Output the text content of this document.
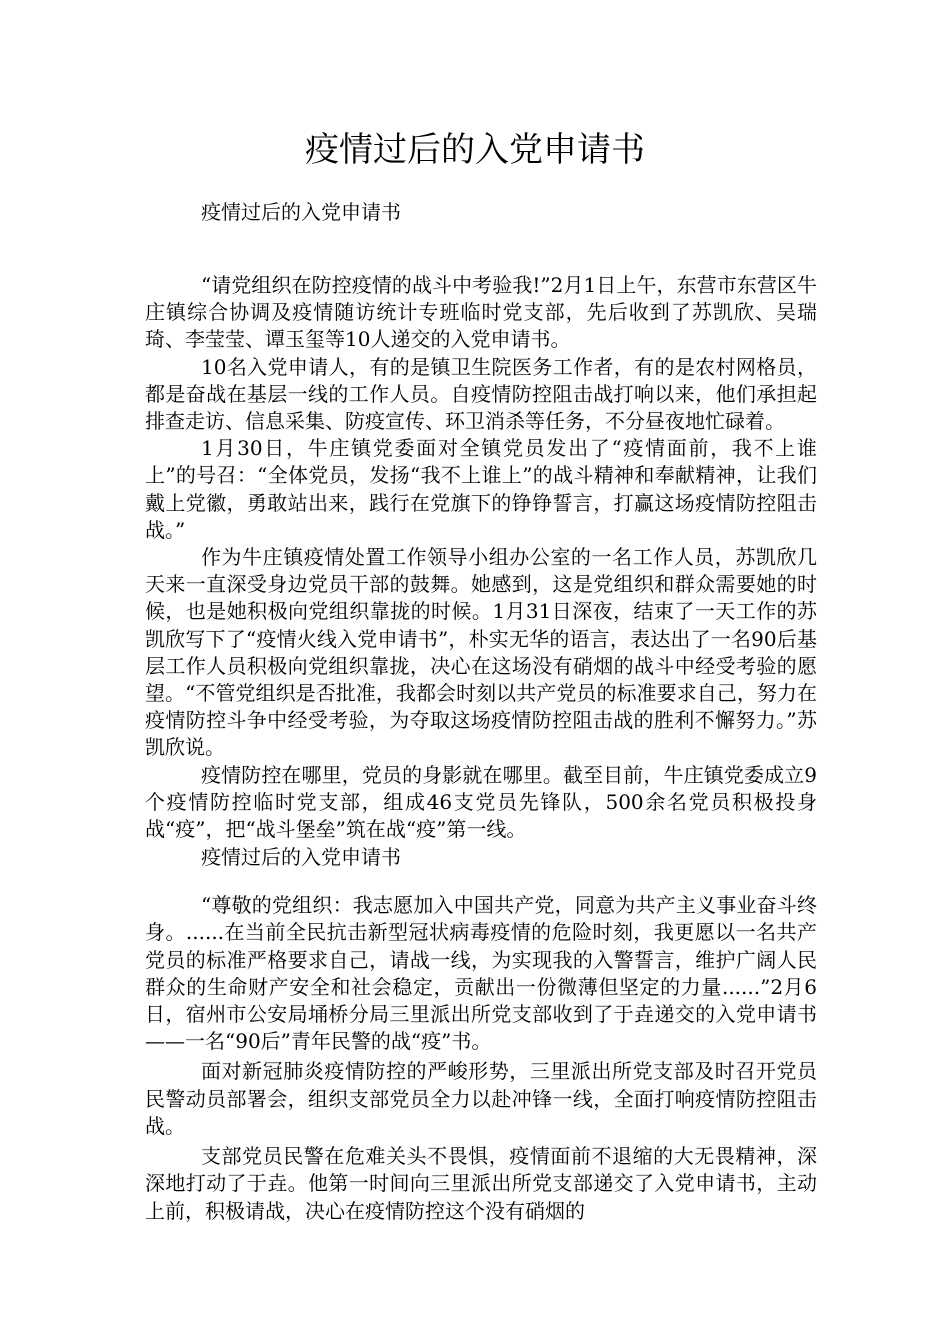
疫情过后的入党申请书

疫情过后的入党申请书

“请党组织在防控疫情的战斗中考验我!”2月1日上午，东营市东营区牛庄镇综合协调及疫情随访统计专班临时党支部，先后收到了苏凯欣、吴瑞琦、李莹莹、谭玉玺等10人递交的入党申请书。

10名入党申请人，有的是镇卫生院医务工作者，有的是农村网格员，都是奋战在基层一线的工作人员。自疫情防控阻击战打响以来，他们承担起排查走访、信息采集、防疫宣传、环卫消杀等任务，不分昼夜地忙碌着。

1月30日，牛庄镇党委面对全镇党员发出了“疫情面前，我不上谁上”的号召：“全体党员，发扬“我不上谁上”的战斗精神和奉献精神，让我们戴上党徽，勇敢站出来，践行在党旗下的铮铮誓言，打赢这场疫情防控阻击战。”

作为牛庄镇疫情处置工作领导小组办公室的一名工作人员，苏凯欣几天来一直深受身边党员干部的鼓舞。她感到，这是党组织和群众需要她的时候，也是她积极向党组织靠拢的时候。1月31日深夜，结束了一天工作的苏凯欣写下了“疫情火线入党申请书”，朴实无华的语言，表达出了一名90后基层工作人员积极向党组织靠拢，决心在这场没有硝烟的战斗中经受考验的愿望。“不管党组织是否批准，我都会时刻以共产党员的标准要求自己，努力在疫情防控斗争中经受考验，为夺取这场疫情防控阻击战的胜利不懈努力。”苏凯欣说。

疫情防控在哪里，党员的身影就在哪里。截至目前，牛庄镇党委成立9个疫情防控临时党支部，组成46支党员先锋队，500余名党员积极投身战“疫”，把“战斗堡垒”筑在战“疫”第一线。

疫情过后的入党申请书

“尊敬的党组织：我志愿加入中国共产党，同意为共产主义事业奋斗终身。......在当前全民抗击新型冠状病毒疫情的危险时刻，我更愿以一名共产党员的标准严格要求自己，请战一线，为实现我的入警誓言，维护广阔人民群众的生命财产安全和社会稳定，贡献出一份微薄但坚定的力量......”2月6日，宿州市公安局埇桥分局三里派出所党支部收到了于垚递交的入党申请书——一名“90后”青年民警的战“疫”书。

面对新冠肺炎疫情防控的严峻形势，三里派出所党支部及时召开党员民警动员部署会，组织支部党员全力以赴冲锋一线，全面打响疫情防控阻击战。

支部党员民警在危难关头不畏惧，疫情面前不退缩的大无畏精神，深深地打动了于垚。他第一时间向三里派出所党支部递交了入党申请书，主动上前，积极请战，决心在疫情防控这个没有硝烟的
